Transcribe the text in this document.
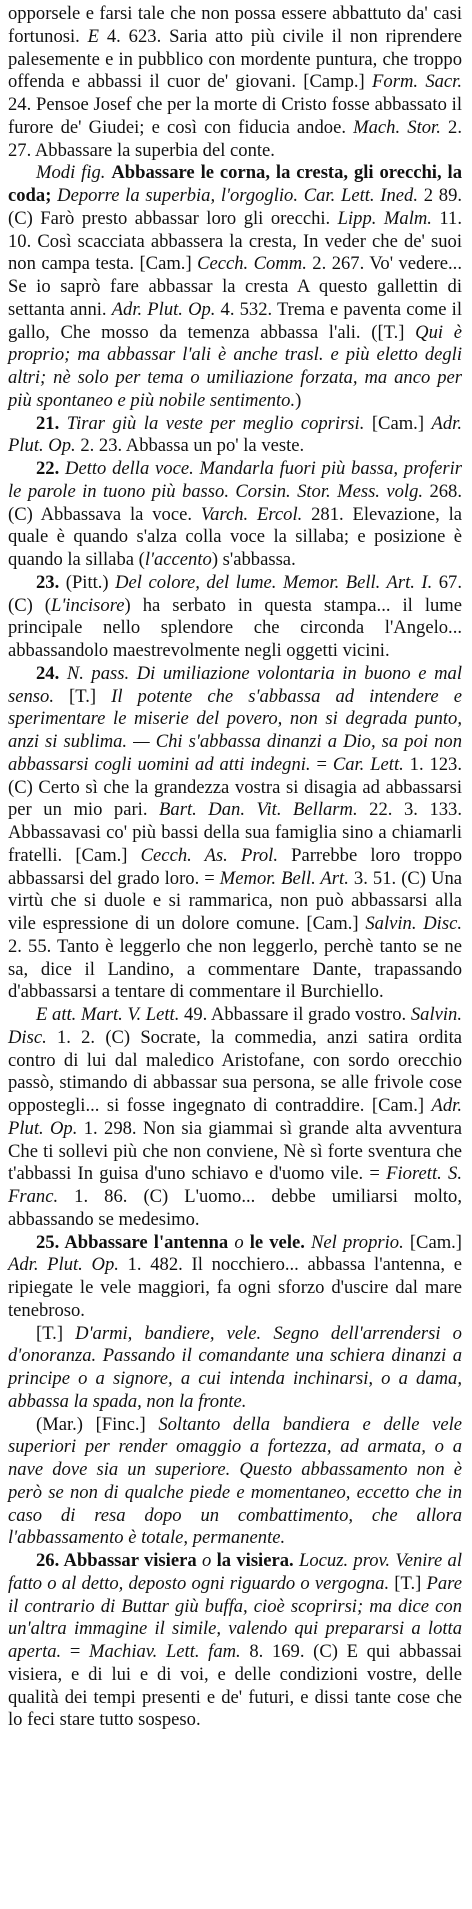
opporsele e farsi tale che non possa essere abbattuto da' casi fortunosi. E 4. 623. Saria atto più civile il non riprendere palesemente e in pubblico con mordente puntura, che troppo offenda e abbassi il cuor de' giovani. [Camp.] Form. Sacr. 24. Pensoe Josef che per la morte di Cristo fosse abbassato il furore de' Giudei; e così con fiducia andoe. Mach. Stor. 2. 27. Abbassare la superbia del conte.

Modi fig. Abbassare le corna, la cresta, gli orecchi, la coda; Deporre la superbia, l'orgoglio. Car. Lett. Ined. 2 89. (C) Farò presto abbassar loro gli orecchi. Lipp. Malm. 11. 10. Così scacciata abbassera la cresta, In veder che de' suoi non campa testa. [Cam.] Cecch. Comm. 2. 267. Vo' vedere... Se io saprò fare abbassar la cresta A questo gallettin di settanta anni. Adr. Plut. Op. 4. 532. Trema e paventa come il gallo, Che mosso da temenza abbassa l'ali. ([T.] Qui è proprio; ma abbassar l'ali è anche trasl. e più eletto degli altri; nè solo per tema o umiliazione forzata, ma anco per più spontaneo e più nobile sentimento.)

21. Tirar giù la veste per meglio coprirsi. [Cam.] Adr. Plut. Op. 2. 23. Abbassa un po' la veste.

22. Detto della voce. Mandarla fuori più bassa, proferir le parole in tuono più basso. Corsin. Stor. Mess. volg. 268. (C) Abbassava la voce. Varch. Ercol. 281. Elevazione, la quale è quando s'alza colla voce la sillaba; e posizione è quando la sillaba (l'accento) s'abbassa.

23. (Pitt.) Del colore, del lume. Memor. Bell. Art. I. 67. (C) (L'incisore) ha serbato in questa stampa... il lume principale nello splendore che circonda l'Angelo... abbassandolo maestrevolmente negli oggetti vicini.

24. N. pass. Di umiliazione volontaria in buono e mal senso. [T.] Il potente che s'abbassa ad intendere e sperimentare le miserie del povero, non si degrada punto, anzi si sublima. — Chi s'abbassa dinanzi a Dio, sa poi non abbassarsi cogli uomini ad atti indegni. = Car. Lett. 1. 123. (C) Certo sì che la grandezza vostra si disagia ad abbassarsi per un mio pari. Bart. Dan. Vit. Bellarm. 22. 3. 133. Abbassavasi co' più bassi della sua famiglia sino a chiamarli fratelli. [Cam.] Cecch. As. Prol. Parrebbe loro troppo abbassarsi del grado loro. = Memor. Bell. Art. 3. 51. (C) Una virtù che si duole e si rammarica, non può abbassarsi alla vile espressione di un dolore comune. [Cam.] Salvin. Disc. 2. 55. Tanto è leggerlo che non leggerlo, perchè tanto se ne sa, dice il Landino, a commentare Dante, trapassando d'abbassarsi a tentare di commentare il Burchiello.

E att. Mart. V. Lett. 49. Abbassare il grado vostro. Salvin. Disc. 1. 2. (C) Socrate, la commedia, anzi satira ordita contro di lui dal maledico Aristofane, con sordo orecchio passò, stimando di abbassar sua persona, se alle frivole cose oppostegli... si fosse ingegnato di contraddire. [Cam.] Adr. Plut. Op. 1. 298. Non sia giammai sì grande alta avventura Che ti sollevi più che non conviene, Nè sì forte sventura che t'abbassi In guisa d'uno schiavo e d'uomo vile. = Fiorett. S. Franc. 1. 86. (C) L'uomo... debbe umiliarsi molto, abbassando se medesimo.

25. Abbassare l'antenna o le vele. Nel proprio. [Cam.] Adr. Plut. Op. 1. 482. Il nocchiero... abbassa l'antenna, e ripiegate le vele maggiori, fa ogni sforzo d'uscire dal mare tenebroso.

[T.] D'armi, bandiere, vele. Segno dell'arrendersi o d'onoranza. Passando il comandante una schiera dinanzi a principe o a signore, a cui intenda inchinarsi, o a dama, abbassa la spada, non la fronte.

(Mar.) [Finc.] Soltanto della bandiera e delle vele superiori per render omaggio a fortezza, ad armata, o a nave dove sia un superiore. Questo abbassamento non è però se non di qualche piede e momentaneo, eccetto che in caso di resa dopo un combattimento, che allora l'abbassamento è totale, permanente.

26. Abbassar visiera o la visiera. Locuz. prov. Venire al fatto o al detto, deposto ogni riguardo o vergogna. [T.] Pare il contrario di Buttar giù buffa, cioè scoprirsi; ma dice con un'altra immagine il simile, valendo qui prepararsi a lotta aperta. = Machiav. Lett. fam. 8. 169. (C) E qui abbassai visiera, e di lui e di voi, e delle condizioni vostre, delle qualità dei tempi presenti e de' futuri, e dissi tante cose che lo feci stare tutto sospeso.
